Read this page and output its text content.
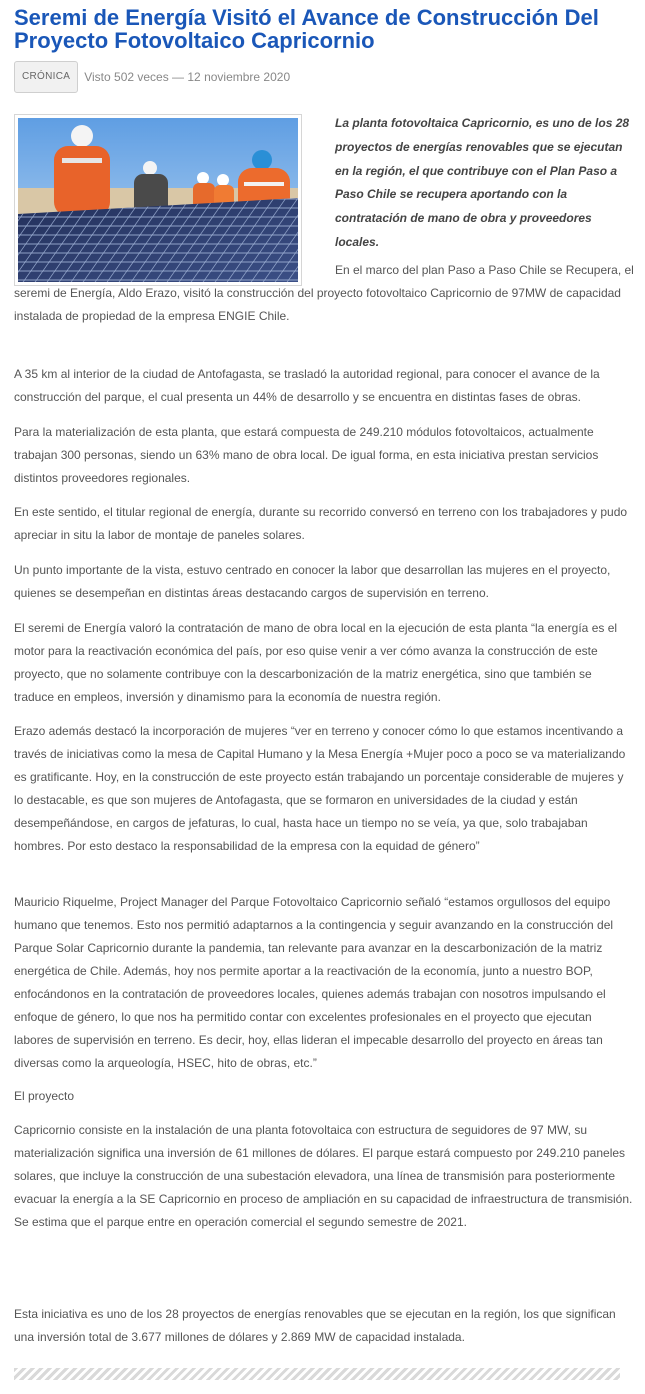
Seremi de Energía Visitó el Avance de Construcción Del Proyecto Fotovoltaico Capricornio
CRÓNICA	Visto 502 veces — 12 noviembre 2020

La planta fotovoltaica Capricornio, es uno de los 28 proyectos de energías renovables que se ejecutan en la región, el que contribuye con el Plan Paso a Paso Chile se recupera aportando con la contratación de mano de obra y proveedores locales.

En el marco del plan Paso a Paso Chile se Recupera, el seremi de Energía, Aldo Erazo, visitó la construcción del proyecto fotovoltaico Capricornio de 97MW de capacidad instalada de propiedad de la empresa ENGIE Chile.

A 35 km al interior de la ciudad de Antofagasta, se trasladó la autoridad regional, para conocer el avance de la construcción del parque, el cual presenta un 44% de desarrollo y se encuentra en distintas fases de obras.

Para la materialización de esta planta, que estará compuesta de 249.210 módulos fotovoltaicos, actualmente trabajan 300 personas, siendo un 63% mano de obra local. De igual forma, en esta iniciativa prestan servicios distintos proveedores regionales.

En este sentido, el titular regional de energía, durante su recorrido conversó en terreno con los trabajadores y pudo apreciar in situ la labor de montaje de paneles solares.

Un punto importante de la vista, estuvo centrado en conocer la labor que desarrollan las mujeres en el proyecto, quienes se desempeñan en distintas áreas destacando cargos de supervisión en terreno.

El seremi de Energía valoró la contratación de mano de obra local en la ejecución de esta planta “la energía es el motor para la reactivación económica del país, por eso quise venir a ver cómo avanza la construcción de este proyecto, que no solamente contribuye con la descarbonización de la matriz energética, sino que también se traduce en empleos, inversión y dinamismo para la economía de nuestra región.

Erazo además destacó la incorporación de mujeres “ver en terreno y conocer cómo lo que estamos incentivando a través de iniciativas como la mesa de Capital Humano y la Mesa Energía +Mujer poco a poco se va materializando es gratificante. Hoy, en la construcción de este proyecto están trabajando un porcentaje considerable de mujeres y lo destacable, es que son mujeres de Antofagasta, que se formaron en universidades de la ciudad y están desempeñándose, en cargos de jefaturas, lo cual, hasta hace un tiempo no se veía, ya que, solo trabajaban hombres. Por esto destaco la responsabilidad de la empresa con la equidad de género”

Mauricio Riquelme, Project Manager del Parque Fotovoltaico Capricornio señaló “estamos orgullosos del equipo humano que tenemos. Esto nos permitió adaptarnos a la contingencia y seguir avanzando en la construcción del Parque Solar Capricornio durante la pandemia, tan relevante para avanzar en la descarbonización de la matriz energética de Chile. Además, hoy nos permite aportar a la reactivación de la economía, junto a nuestro BOP, enfocándonos en la contratación de proveedores locales, quienes además trabajan con nosotros impulsando el enfoque de género, lo que nos ha permitido contar con excelentes profesionales en el proyecto que ejecutan labores de supervisión en terreno. Es decir, hoy, ellas lideran el impecable desarrollo del proyecto en áreas tan diversas como la arqueología, HSEC, hito de obras, etc.”

El proyecto

Capricornio consiste en la instalación de una planta fotovoltaica con estructura de seguidores de 97 MW, su materialización significa una inversión de 61 millones de dólares. El parque estará compuesto por 249.210 paneles solares, que incluye la construcción de una subestación elevadora, una línea de transmisión para posteriormente evacuar la energía a la SE Capricornio en proceso de ampliación en su capacidad de infraestructura de transmisión. Se estima que el parque entre en operación comercial el segundo semestre de 2021.

Esta iniciativa es uno de los 28 proyectos de energías renovables que se ejecutan en la región, los que significan una inversión total de 3.677 millones de dólares y 2.869 MW de capacidad instalada.
